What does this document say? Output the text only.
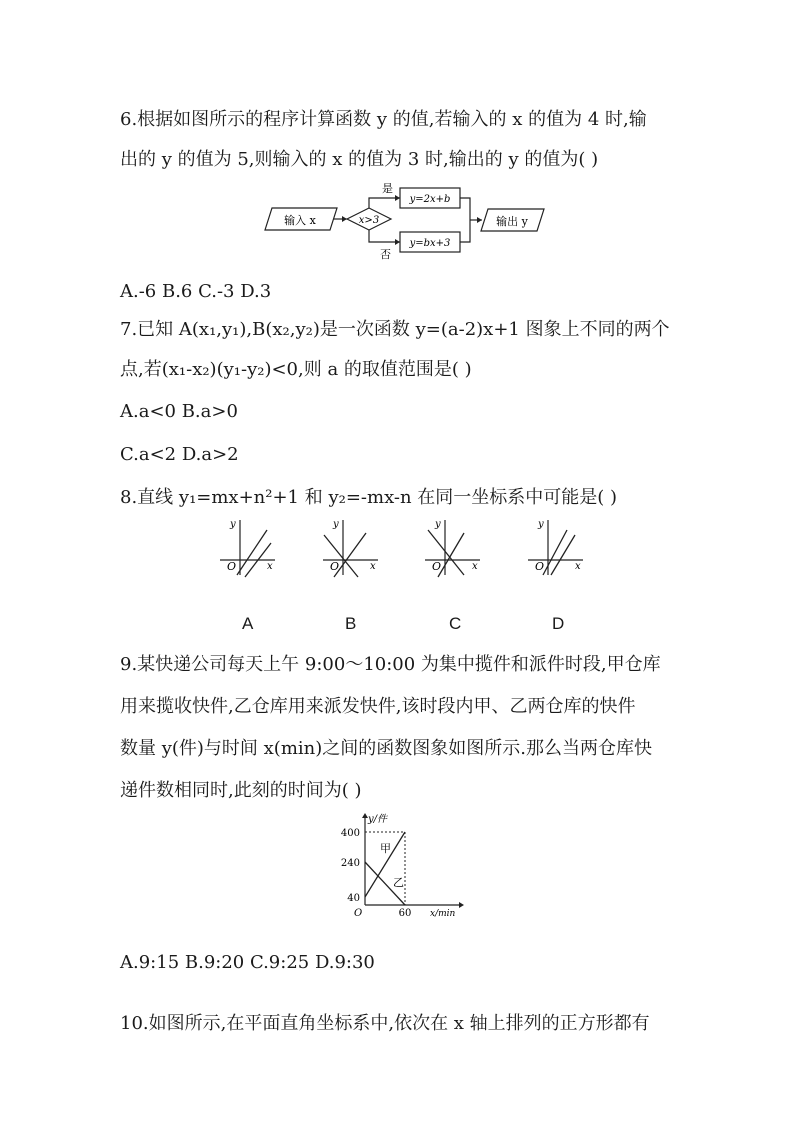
6.根据如图所示的程序计算函数 y 的值,若输入的 x 的值为 4 时,输
出的 y 的值为 5,则输入的 x 的值为 3 时,输出的 y 的值为( )
输入 x	x>3
是
否
y=2x+b
y=bx+3
输出 y
A.-6 B.6 C.-3 D.3
7.已知 A(x₁,y₁),B(x₂,y₂)是一次函数 y=(a-2)x+1 图象上不同的两个
点,若(x₁-x₂)(y₁-y₂)<0,则 a 的取值范围是( )
A.a<0 B.a>0
C.a<2 D.a>2
8.直线 y₁=mx+n²+1 和 y₂=-mx-n 在同一坐标系中可能是( )
y
x
O
y
x
O
y
x
O
y
x
O
A	B	C	D
9.某快递公司每天上午 9:00～10:00 为集中揽件和派件时段,甲仓库
用来揽收快件,乙仓库用来派发快件,该时段内甲、乙两仓库的快件
数量 y(件)与时间 x(min)之间的函数图象如图所示.那么当两仓库快
递件数相同时,此刻的时间为( )
y/件
x/min
O
400
240
40
60
甲
乙
A.9:15 B.9:20 C.9:25 D.9:30
10.如图所示,在平面直角坐标系中,依次在 x 轴上排列的正方形都有
